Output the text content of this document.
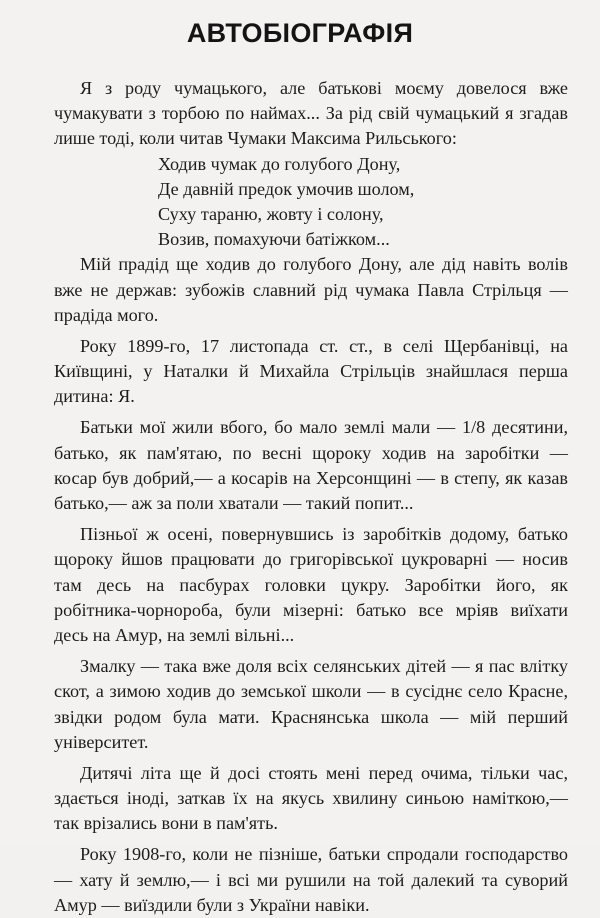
АВТОБІОГРАФІЯ
Я з роду чумацького, але батькові моєму довелося вже
чумакувати з торбою по наймах... За рід свій чумацький я згадав
лише тоді, коли читав Чумаки Максима Рильського:
Ходив чумак до голубого Дону,
Де давній предок умочив шолом,
Суху тараню, жовту і солону,
Возив, помахуючи батіжком...
Мій прадід ще ходив до голубого Дону, але дід навіть волів
вже не держав: зубожів славний рід чумака Павла Стрільця —
прадіда мого.
Року 1899-го, 17 листопада ст. ст., в селі Щербанівці, на
Київщині, у Наталки й Михайла Стрільців знайшлася перша
дитина: Я.
Батьки мої жили вбого, бо мало землі мали — 1/8 десятини,
батько, як пам'ятаю, по весні щороку ходив на заробітки —
косар був добрий,— а косарів на Херсонщині — в степу, як казав
батько,— аж за поли хватали — такий попит...
Пізньої ж осені, повернувшись із заробітків додому, батько
щороку йшов працювати до григорівської цукроварні — носив
там десь на пасбурах головки цукру. Заробітки його, як
робітника-чорнороба, були мізерні: батько все мріяв виїхати
десь на Амур, на землі вільні...
Змалку — така вже доля всіх селянських дітей — я пас влітку
скот, а зимою ходив до земської школи — в сусіднє село Красне,
звідки родом була мати. Краснянська школа — мій перший
університет.
Дитячі літа ще й досі стоять мені перед очима, тільки час,
здається іноді, заткав їх на якусь хвилину синьою наміткою,—
так врізались вони в пам'ять.
Року 1908-го, коли не пізніше, батьки спродали господарство
— хату й землю,— і всі ми рушили на той далекий та суворий
Амур — виїздили були з України навіки.
